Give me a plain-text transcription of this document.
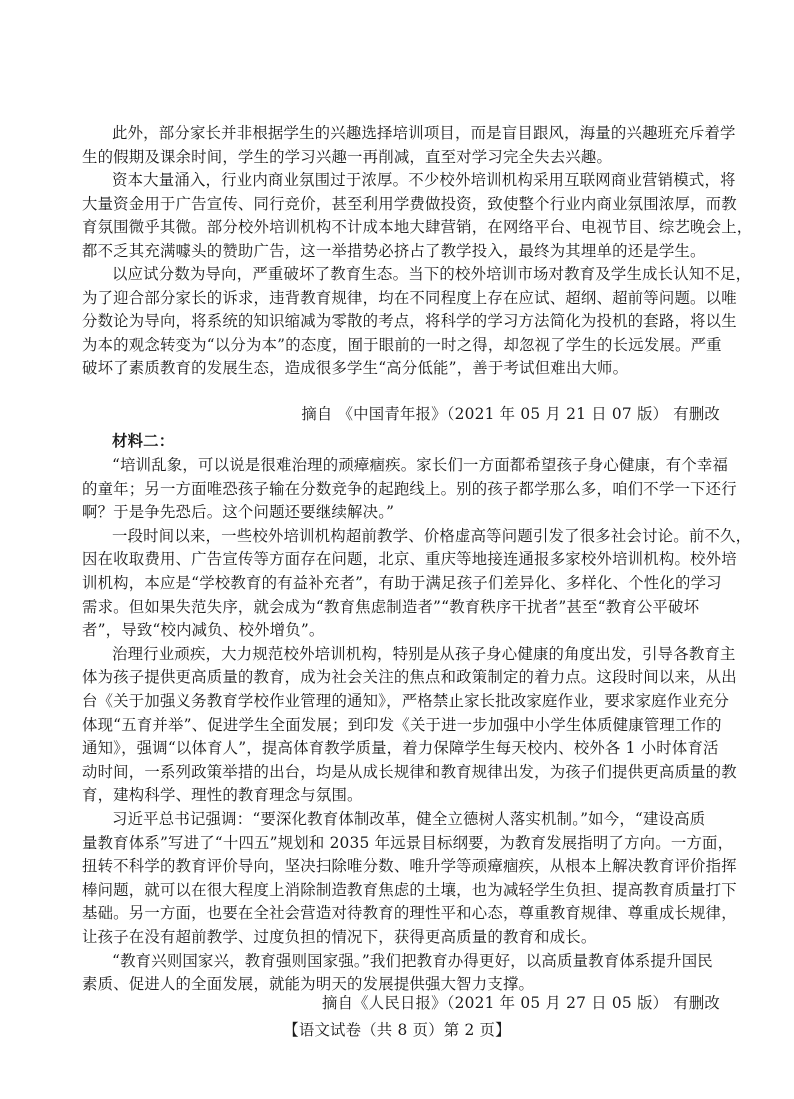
此外，部分家长并非根据学生的兴趣选择培训项目，而是盲目跟风，海量的兴趣班充斥着学
生的假期及课余时间，学生的学习兴趣一再削减，直至对学习完全失去兴趣。
资本大量涌入，行业内商业氛围过于浓厚。不少校外培训机构采用互联网商业营销模式，将
大量资金用于广告宣传、同行竞价，甚至利用学费做投资，致使整个行业内商业氛围浓厚，而教
育氛围微乎其微。部分校外培训机构不计成本地大肆营销，在网络平台、电视节目、综艺晚会上，
都不乏其充满噱头的赞助广告，这一举措势必挤占了教学投入，最终为其埋单的还是学生。
以应试分数为导向，严重破坏了教育生态。当下的校外培训市场对教育及学生成长认知不足，
为了迎合部分家长的诉求，违背教育规律，均在不同程度上存在应试、超纲、超前等问题。以唯
分数论为导向，将系统的知识缩减为零散的考点，将科学的学习方法简化为投机的套路，将以生
为本的观念转变为“以分为本”的态度，囿于眼前的一时之得，却忽视了学生的长远发展。严重
破坏了素质教育的发展生态，造成很多学生“高分低能”，善于考试但难出大师。
摘自 《中国青年报》（2021 年 05 月 21 日 07 版） 有删改
材料二：
“培训乱象，可以说是很难治理的顽瘴痼疾。家长们一方面都希望孩子身心健康，有个幸福
的童年；另一方面唯恐孩子输在分数竞争的起跑线上。别的孩子都学那么多，咱们不学一下还行
啊？于是争先恐后。这个问题还要继续解决。”
一段时间以来，一些校外培训机构超前教学、价格虚高等问题引发了很多社会讨论。前不久，
因在收取费用、广告宣传等方面存在问题，北京、重庆等地接连通报多家校外培训机构。校外培
训机构，本应是“学校教育的有益补充者”，有助于满足孩子们差异化、多样化、个性化的学习
需求。但如果失范失序，就会成为“教育焦虑制造者”“教育秩序干扰者”甚至“教育公平破坏
者”，导致“校内减负、校外增负”。
治理行业顽疾，大力规范校外培训机构，特别是从孩子身心健康的角度出发，引导各教育主
体为孩子提供更高质量的教育，成为社会关注的焦点和政策制定的着力点。这段时间以来，从出
台《关于加强义务教育学校作业管理的通知》，严格禁止家长批改家庭作业，要求家庭作业充分
体现“五育并举”、促进学生全面发展；到印发《关于进一步加强中小学生体质健康管理工作的
通知》，强调“以体育人”，提高体育教学质量，着力保障学生每天校内、校外各 1 小时体育活
动时间，一系列政策举措的出台，均是从成长规律和教育规律出发，为孩子们提供更高质量的教
育，建构科学、理性的教育理念与氛围。
习近平总书记强调：“要深化教育体制改革，健全立德树人落实机制。”如今，“建设高质
量教育体系”写进了“十四五”规划和 2035 年远景目标纲要，为教育发展指明了方向。一方面，
扭转不科学的教育评价导向，坚决扫除唯分数、唯升学等顽瘴痼疾，从根本上解决教育评价指挥
棒问题，就可以在很大程度上消除制造教育焦虑的土壤，也为减轻学生负担、提高教育质量打下
基础。另一方面，也要在全社会营造对待教育的理性平和心态，尊重教育规律、尊重成长规律，
让孩子在没有超前教学、过度负担的情况下，获得更高质量的教育和成长。
“教育兴则国家兴，教育强则国家强。”我们把教育办得更好，以高质量教育体系提升国民
素质、促进人的全面发展，就能为明天的发展提供强大智力支撑。
摘自《人民日报》（2021 年 05 月 27 日 05 版） 有删改
【语文试卷（共 8 页）第 2 页】
